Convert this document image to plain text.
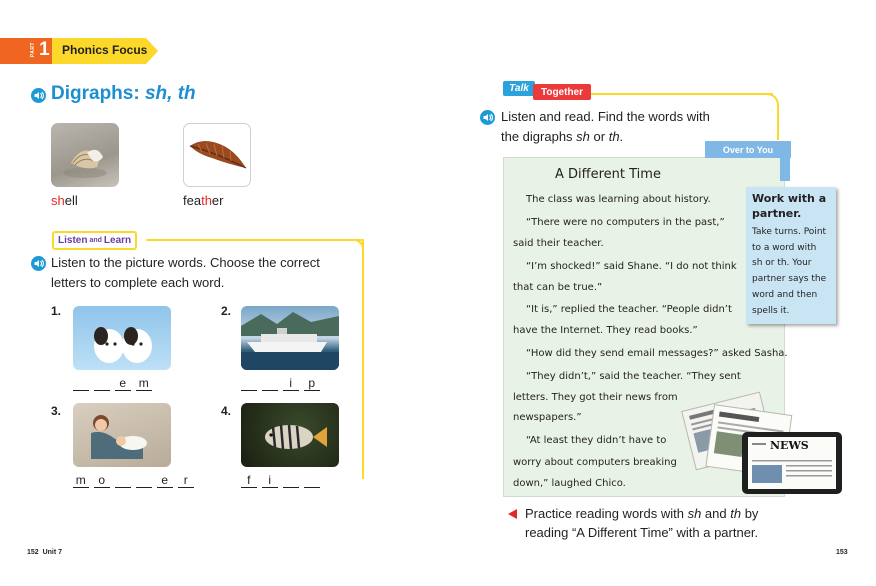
PART 1 Phonics Focus
Digraphs: sh, th
shell	feather
Listen and Learn
Listen to the picture words. Choose the correct
letters to complete each word.
1.
e m
2.
i p
3.
m o	e r
4.
f i
152 Unit 7
Talk	Together
Listen and read. Find the words with
the digraphs sh or th.
A Different Time
The class was learning about history.
“There were no computers in the past,”
said their teacher.
“I’m shocked!” said Shane. “I do not think
that can be true.”
“It is,” replied the teacher. “People didn’t
have the Internet. They read books.”
“How did they send email messages?” asked Sasha.
“They didn’t,” said the teacher. “They sent
letters. They got their news from
newspapers.”
“At least they didn’t have to
worry about computers breaking
down,” laughed Chico.
Over to You
Work with a partner.
Take turns. Point
to a word with
sh or th. Your
partner says the
word and then
spells it.
NEWS
Practice reading words with sh and th by
reading “A Different Time” with a partner.
153
